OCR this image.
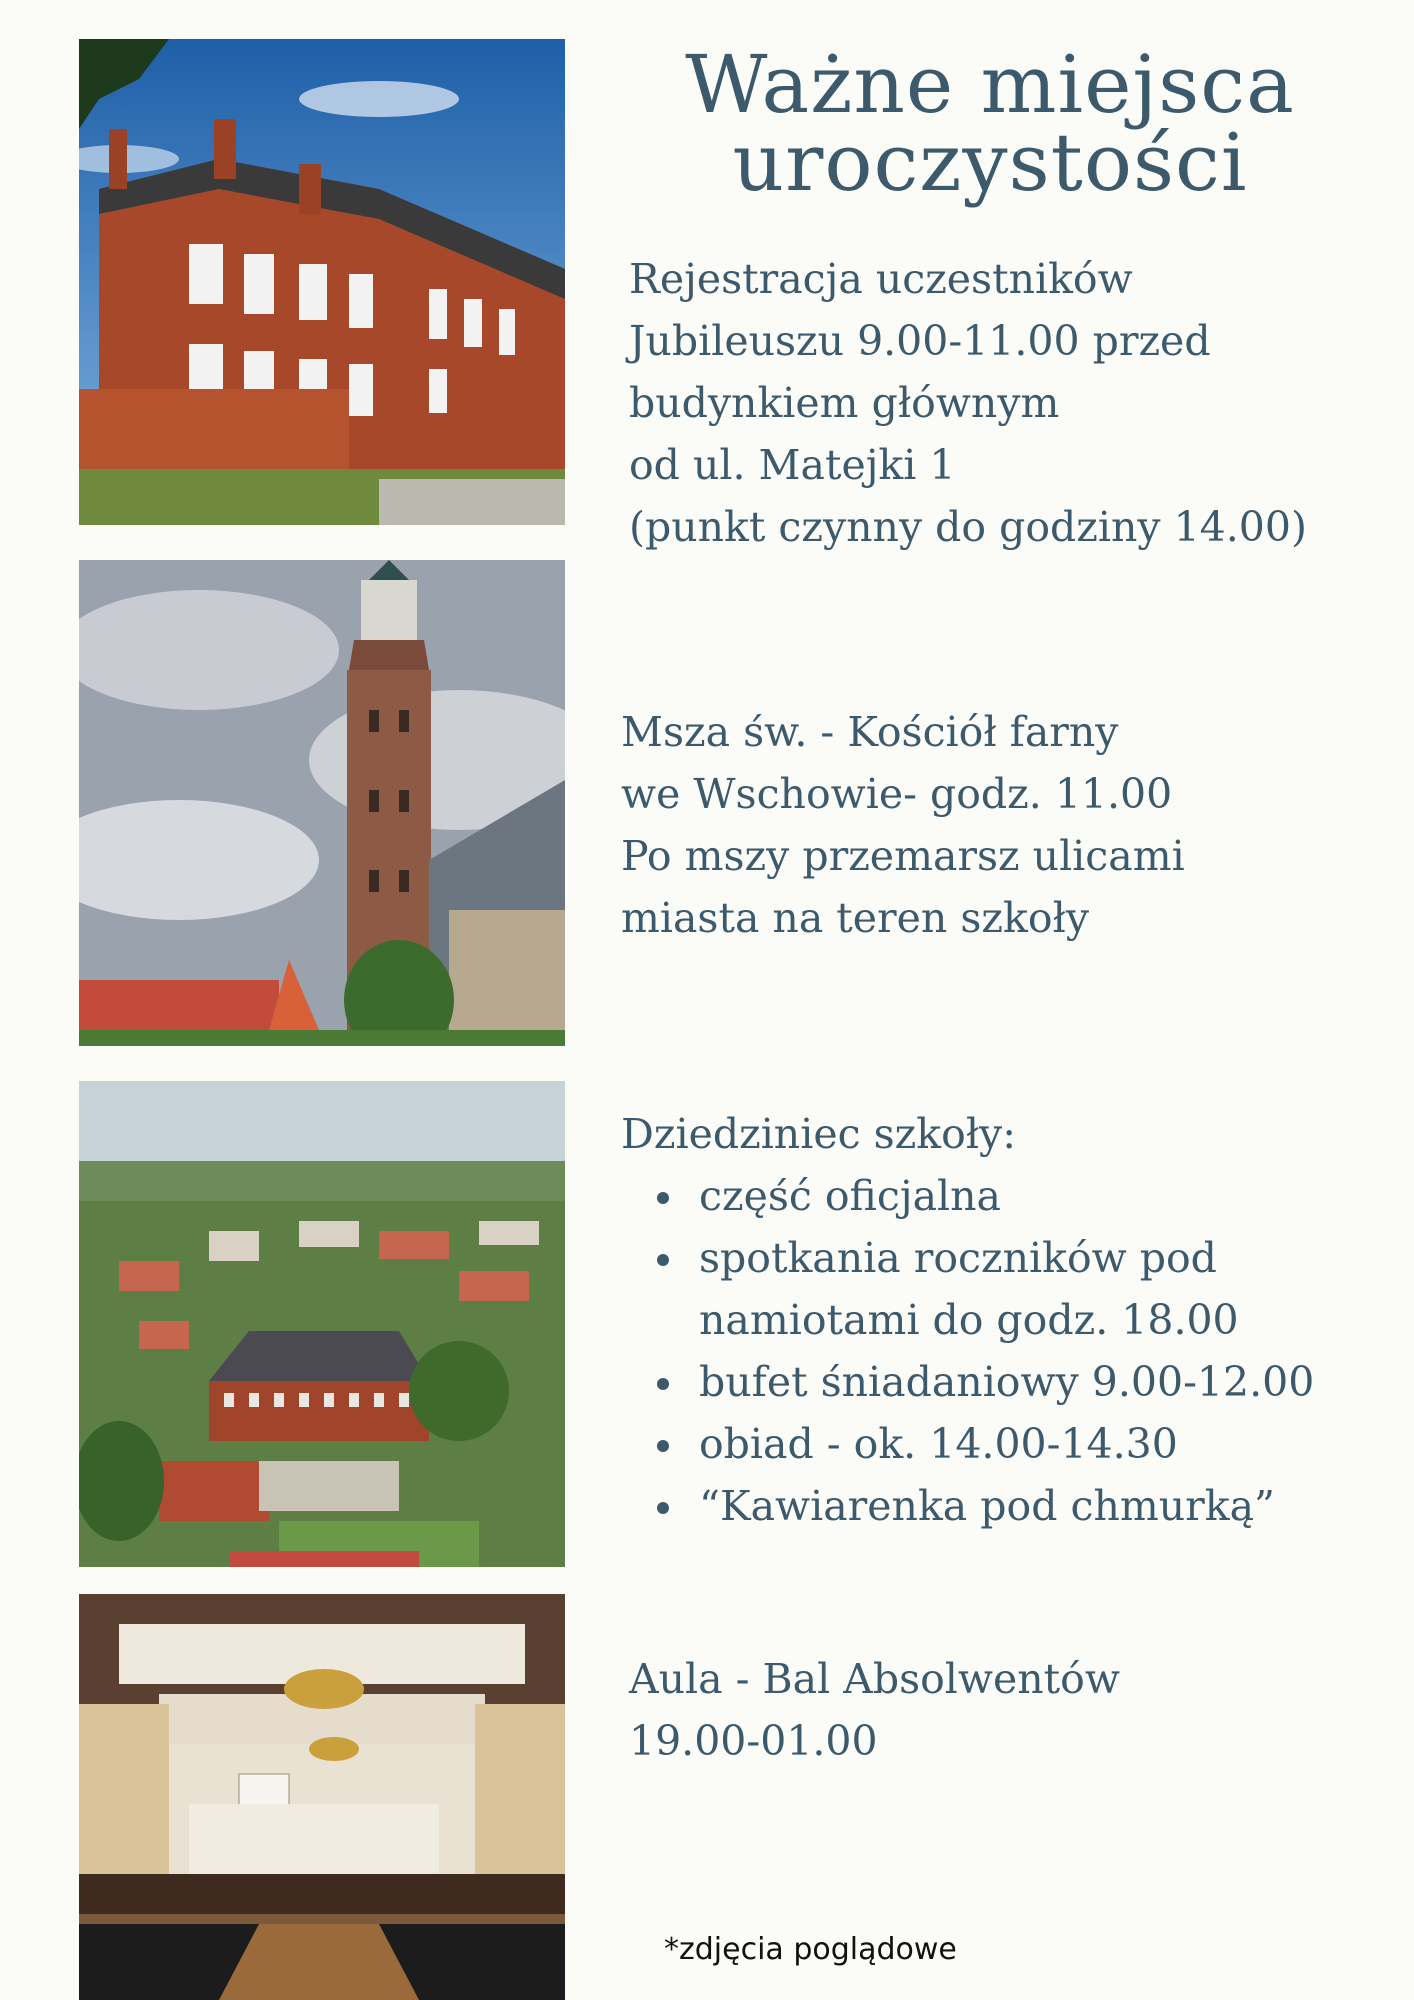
Ważne miejsca
uroczystości
Rejestracja uczestników
Jubileuszu 9.00-11.00 przed
budynkiem głównym
od ul. Matejki 1
(punkt czynny do godziny 14.00)
Msza św. - Kościół farny
we Wschowie- godz. 11.00
Po mszy przemarsz ulicami
miasta na teren szkoły
Dziedziniec szkoły:
część oficjalna
spotkania roczników pod
namiotami do godz. 18.00
bufet śniadaniowy 9.00-12.00
obiad - ok. 14.00-14.30
“Kawiarenka pod chmurką”
Aula - Bal Absolwentów
19.00-01.00
*zdjęcia poglądowe
